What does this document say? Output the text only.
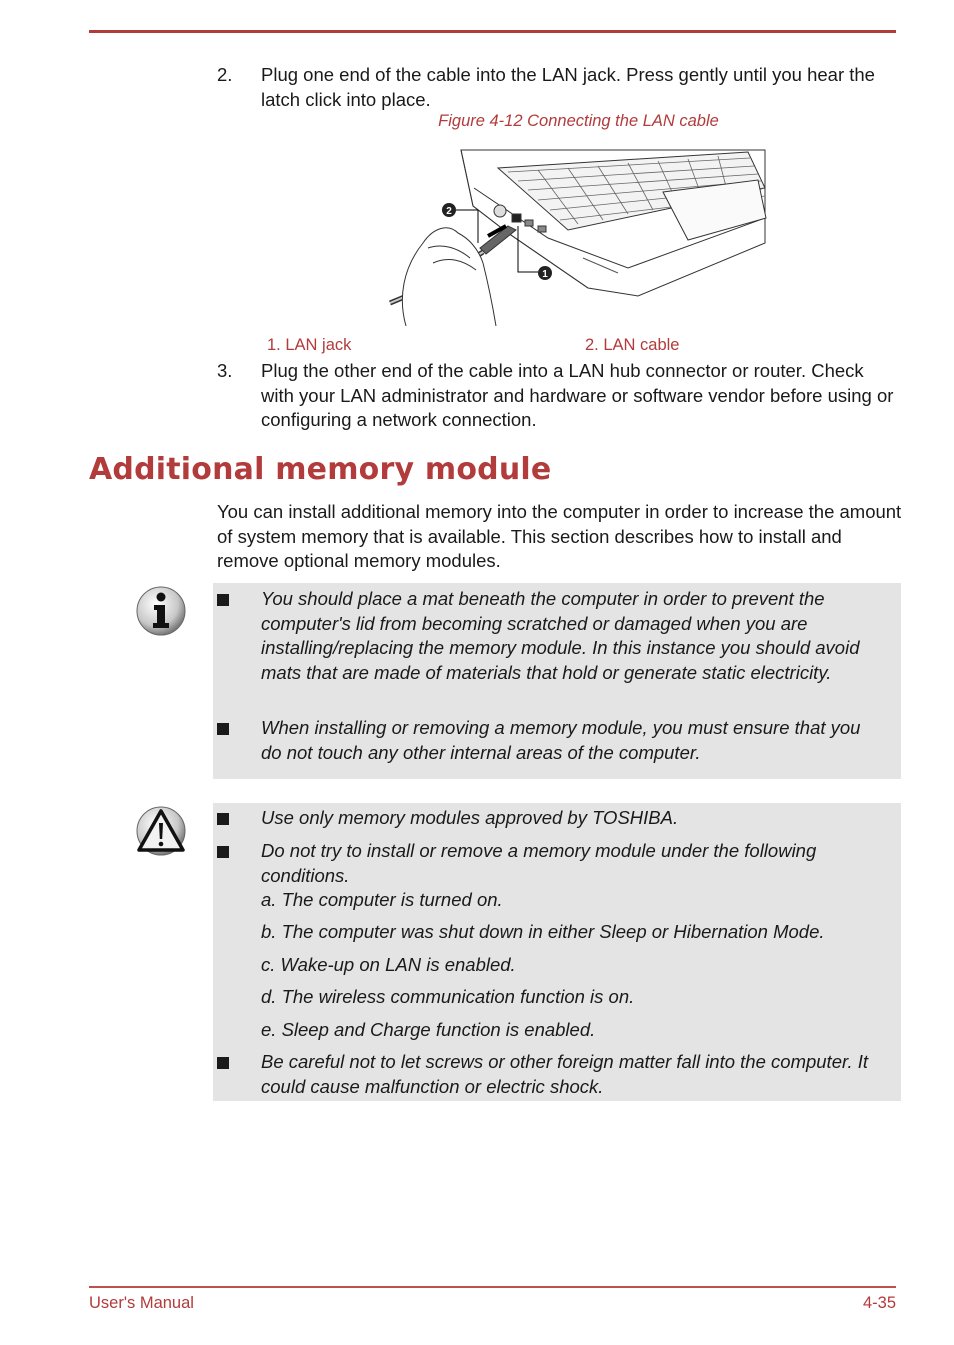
2. Plug one end of the cable into the LAN jack. Press gently until you hear the latch click into place.
Figure 4-12 Connecting the LAN cable
2
1
1. LAN jack	2. LAN cable
3. Plug the other end of the cable into a LAN hub connector or router. Check with your LAN administrator and hardware or software vendor before using or configuring a network connection.
Additional memory module

You can install additional memory into the computer in order to increase the amount of system memory that is available. This section describes how to install and remove optional memory modules.

You should place a mat beneath the computer in order to prevent the computer's lid from becoming scratched or damaged when you are installing/replacing the memory module. In this instance you should avoid mats that are made of materials that hold or generate static electricity.
When installing or removing a memory module, you must ensure that you do not touch any other internal areas of the computer.
Use only memory modules approved by TOSHIBA.
Do not try to install or remove a memory module under the following conditions.
a. The computer is turned on.
b. The computer was shut down in either Sleep or Hibernation Mode.
c. Wake-up on LAN is enabled.
d. The wireless communication function is on.
e. Sleep and Charge function is enabled.
Be careful not to let screws or other foreign matter fall into the computer. It could cause malfunction or electric shock.
User's Manual	4-35
